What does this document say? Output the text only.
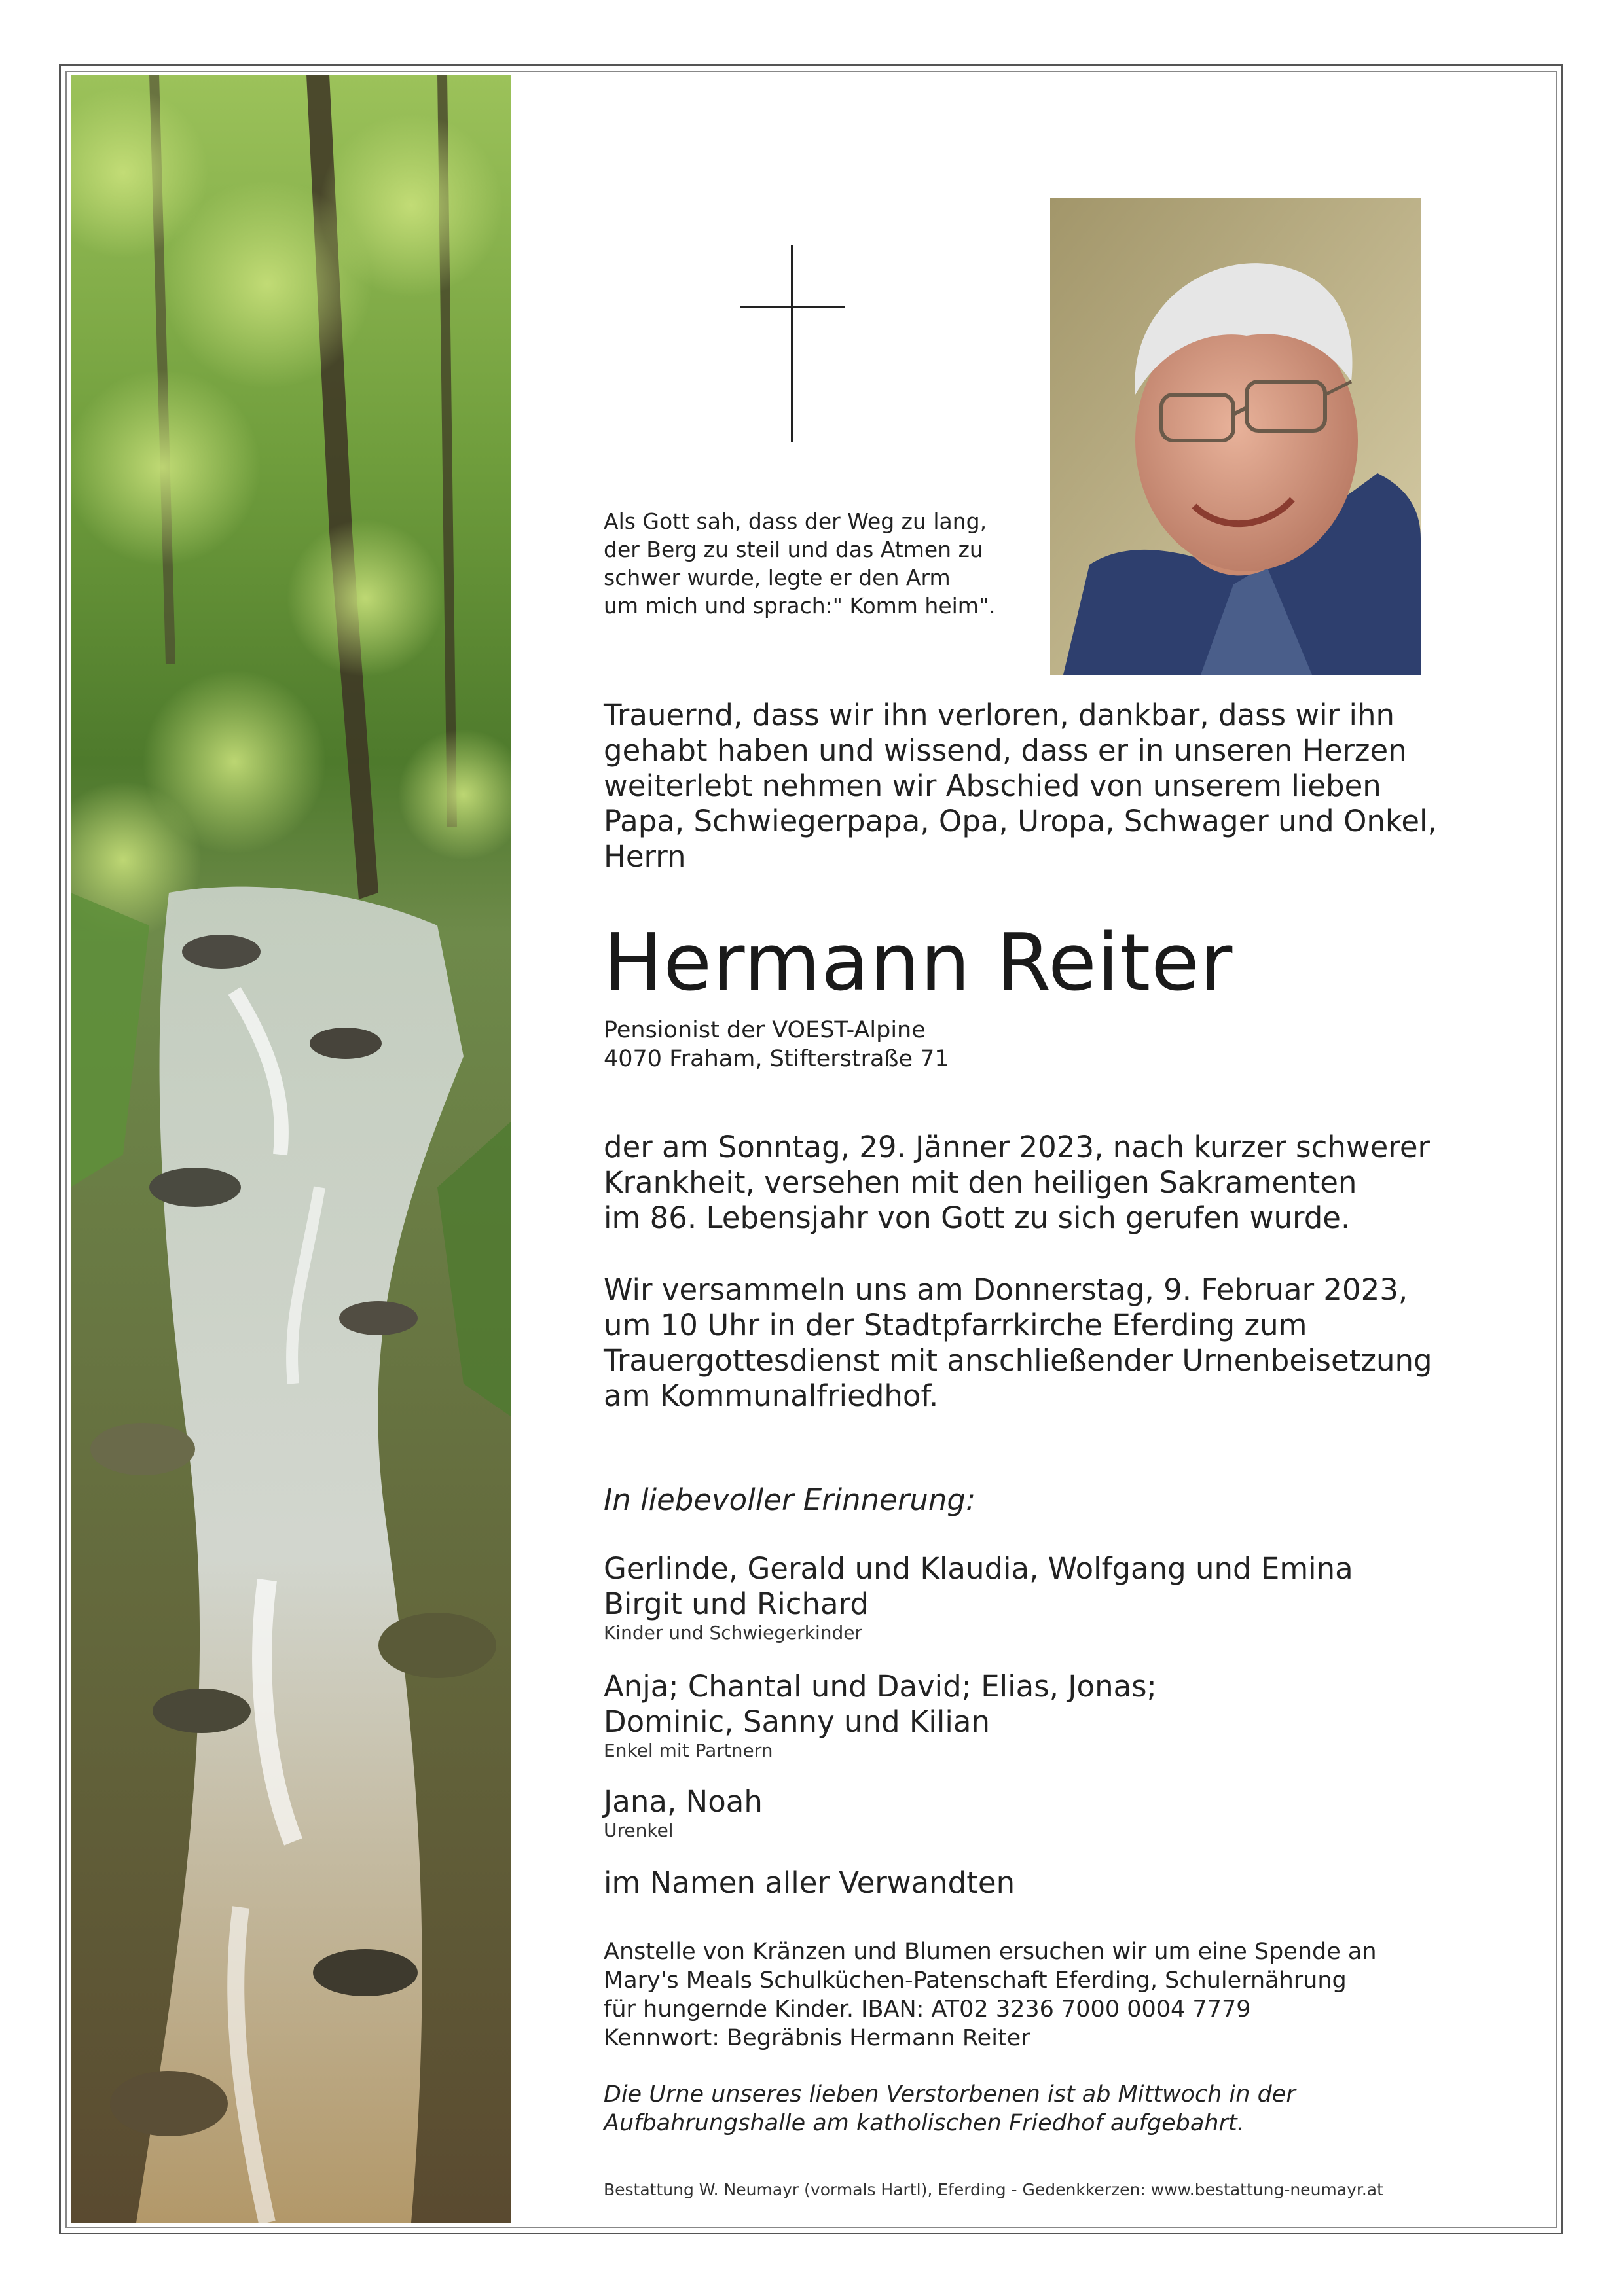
Als Gott sah, dass der Weg zu lang,
der Berg zu steil und das Atmen zu
schwer wurde, legte er den Arm
um mich und sprach:" Komm heim".
Trauernd, dass wir ihn verloren, dankbar, dass wir ihn
gehabt haben und wissend, dass er in unseren Herzen
weiterlebt nehmen wir Abschied von unserem lieben
Papa, Schwiegerpapa, Opa, Uropa, Schwager und Onkel,
Herrn
Hermann Reiter
Pensionist der VOEST-Alpine
4070 Fraham, Stifterstraße 71
der am Sonntag, 29. Jänner 2023, nach kurzer schwerer
Krankheit, versehen mit den heiligen Sakramenten
im 86. Lebensjahr von Gott zu sich gerufen wurde.
Wir versammeln uns am Donnerstag, 9. Februar 2023,
um 10 Uhr in der Stadtpfarrkirche Eferding zum
Trauergottesdienst mit anschließender Urnenbeisetzung
am Kommunalfriedhof.
In liebevoller Erinnerung:
Gerlinde, Gerald und Klaudia, Wolfgang und Emina
Birgit und Richard
Kinder und Schwiegerkinder
Anja; Chantal und David; Elias, Jonas;
Dominic, Sanny und Kilian
Enkel mit Partnern
Jana, Noah
Urenkel
im Namen aller Verwandten
Anstelle von Kränzen und Blumen ersuchen wir um eine Spende an
Mary's Meals Schulküchen-Patenschaft Eferding, Schulernährung
für hungernde Kinder. IBAN: AT02 3236 7000 0004 7779
Kennwort: Begräbnis Hermann Reiter
Die Urne unseres lieben Verstorbenen ist ab Mittwoch in der
Aufbahrungshalle am katholischen Friedhof aufgebahrt.
Bestattung W. Neumayr (vormals Hartl), Eferding - Gedenkkerzen: www.bestattung-neumayr.at
